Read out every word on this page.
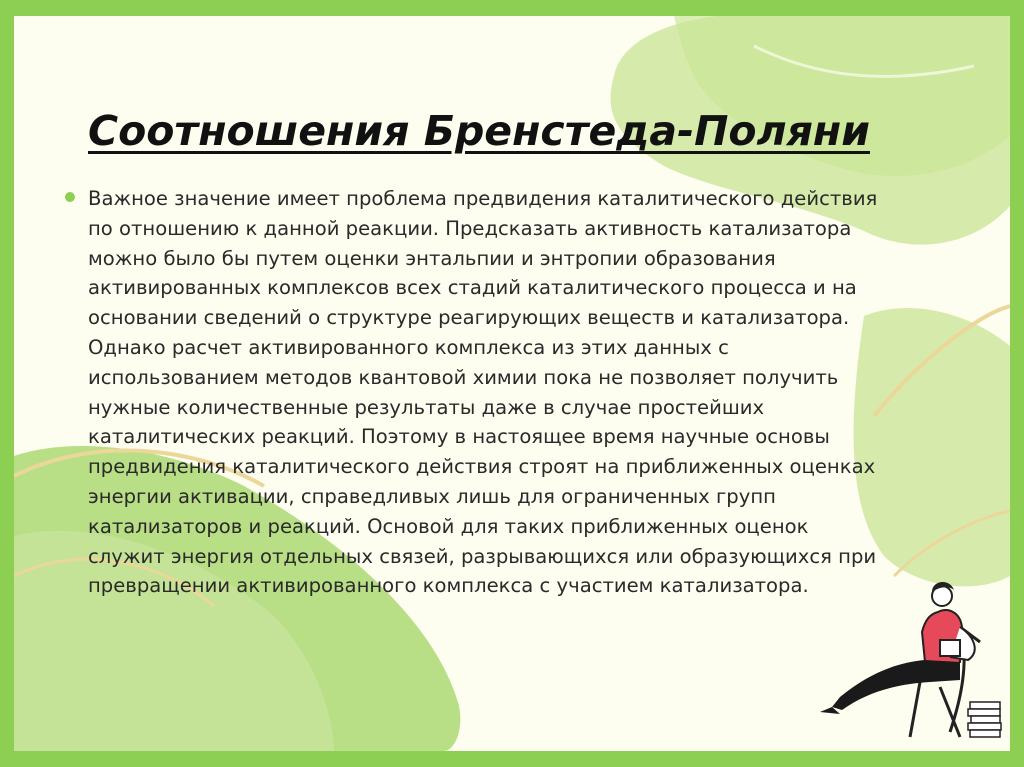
Соотношения Бренстеда-Поляни

Важное значение имеет проблема предвидения каталитического действия по отношению к данной реакции. Предсказать активность катализатора можно было бы путем оценки энтальпии и энтропии образования активированных комплексов всех стадий каталитического процесса и на основании сведений о структуре реагирующих веществ и катализатора. Однако расчет активированного комплекса из этих данных с использованием методов квантовой химии пока не позволяет получить нужные количественные результаты даже в случае простейших каталитических реакций. Поэтому в настоящее время научные основы предвидения каталитического действия строят на приближенных оценках энергии активации, справедливых лишь для ограниченных групп катализаторов и реакций. Основой для таких приближенных оценок служит энергия отдельных связей, разрывающихся или образующихся при превращении активированного комплекса с участием катализатора.
